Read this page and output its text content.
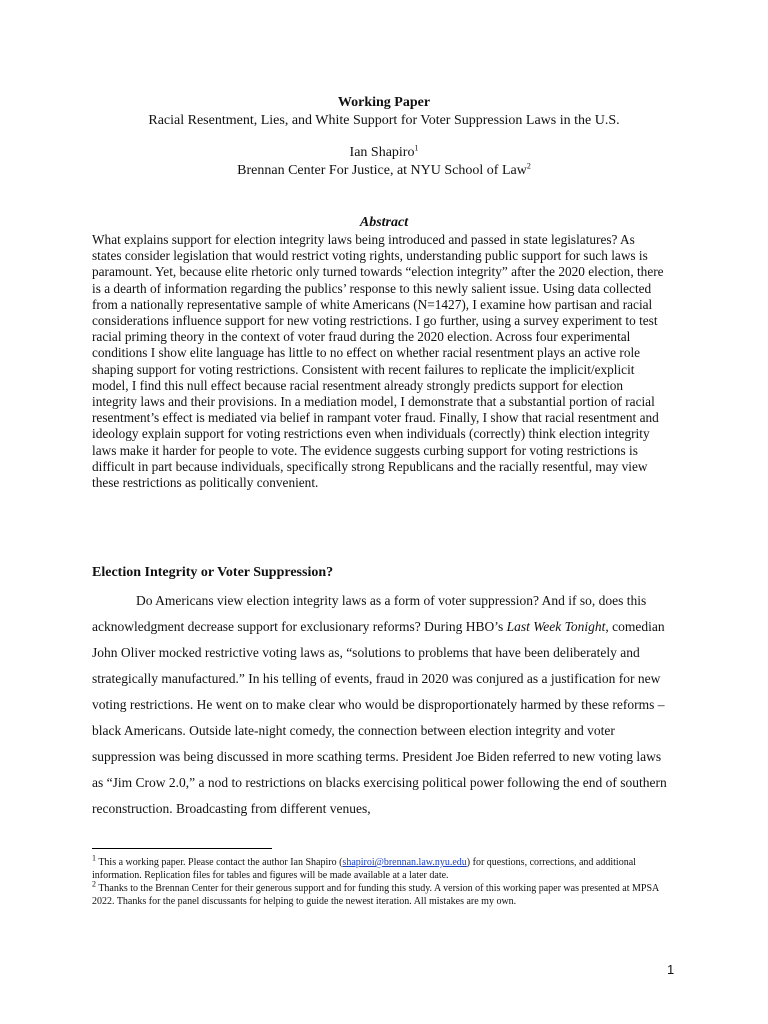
Working Paper
Racial Resentment, Lies, and White Support for Voter Suppression Laws in the U.S.
Ian Shapiro$^1$
Brennan Center For Justice, at NYU School of Law$^2$
Abstract

What explains support for election integrity laws being introduced and passed in state legislatures? As states consider legislation that would restrict voting rights, understanding public support for such laws is paramount. Yet, because elite rhetoric only turned towards “election integrity” after the 2020 election, there is a dearth of information regarding the publics’ response to this newly salient issue. Using data collected from a nationally representative sample of white Americans (N=1427), I examine how partisan and racial considerations influence support for new voting restrictions. I go further, using a survey experiment to test racial priming theory in the context of voter fraud during the 2020 election. Across four experimental conditions I show elite language has little to no effect on whether racial resentment plays an active role shaping support for voting restrictions. Consistent with recent failures to replicate the implicit/explicit model, I find this null effect because racial resentment already strongly predicts support for election integrity laws and their provisions. In a mediation model, I demonstrate that a substantial portion of racial resentment’s effect is mediated via belief in rampant voter fraud. Finally, I show that racial resentment and ideology explain support for voting restrictions even when individuals (correctly) think election integrity laws make it harder for people to vote. The evidence suggests curbing support for voting restrictions is difficult in part because individuals, specifically strong Republicans and the racially resentful, may view these restrictions as politically convenient.

Election Integrity or Voter Suppression?

Do Americans view election integrity laws as a form of voter suppression? And if so, does this acknowledgment decrease support for exclusionary reforms? During HBO’s Last Week Tonight, comedian John Oliver mocked restrictive voting laws as, “solutions to problems that have been deliberately and strategically manufactured.” In his telling of events, fraud in 2020 was conjured as a justification for new voting restrictions. He went on to make clear who would be disproportionately harmed by these reforms – black Americans. Outside late-night comedy, the connection between election integrity and voter suppression was being discussed in more scathing terms. President Joe Biden referred to new voting laws as “Jim Crow 2.0,” a nod to restrictions on blacks exercising political power following the end of southern reconstruction. Broadcasting from different venues,

$^1$ This a working paper. Please contact the author Ian Shapiro (shapiroi@brennan.law.nyu.edu) for questions, corrections, and additional information. Replication files for tables and figures will be made available at a later date.

$^2$ Thanks to the Brennan Center for their generous support and for funding this study. A version of this working paper was presented at MPSA 2022. Thanks for the panel discussants for helping to guide the newest iteration. All mistakes are my own.

1
